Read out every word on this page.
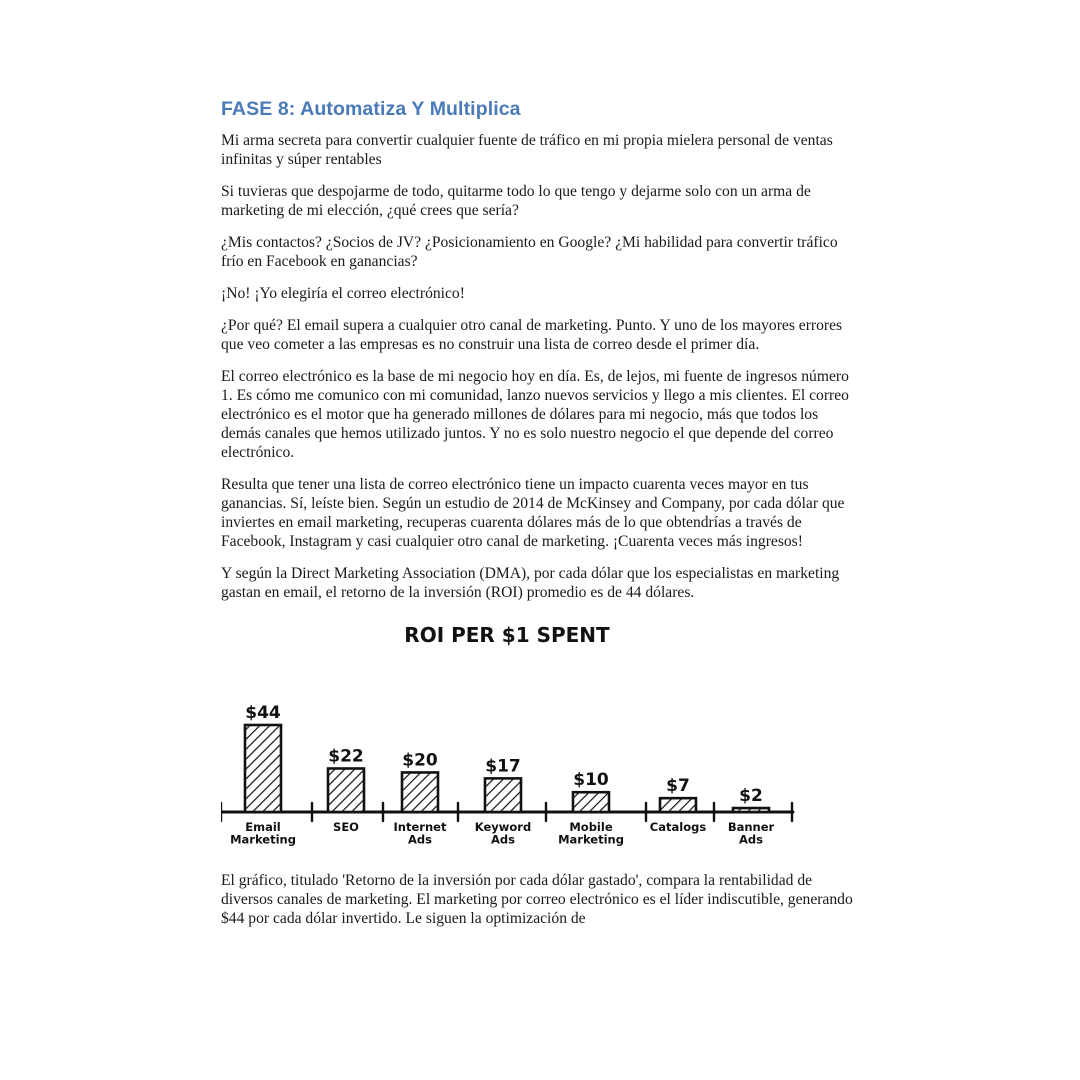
FASE 8: Automatiza Y Multiplica

Mi arma secreta para convertir cualquier fuente de tráfico en mi propia mielera personal de ventas infinitas y súper rentables

Si tuvieras que despojarme de todo, quitarme todo lo que tengo y dejarme solo con un arma de marketing de mi elección, ¿qué crees que sería?

¿Mis contactos? ¿Socios de JV? ¿Posicionamiento en Google? ¿Mi habilidad para convertir tráfico frío en Facebook en ganancias?

¡No! ¡Yo elegiría el correo electrónico!

¿Por qué? El email supera a cualquier otro canal de marketing. Punto. Y uno de los mayores errores que veo cometer a las empresas es no construir una lista de correo desde el primer día.

El correo electrónico es la base de mi negocio hoy en día. Es, de lejos, mi fuente de ingresos número 1. Es cómo me comunico con mi comunidad, lanzo nuevos servicios y llego a mis clientes. El correo electrónico es el motor que ha generado millones de dólares para mi negocio, más que todos los demás canales que hemos utilizado juntos. Y no es solo nuestro negocio el que depende del correo electrónico.

Resulta que tener una lista de correo electrónico tiene un impacto cuarenta veces mayor en tus ganancias. Sí, leíste bien. Según un estudio de 2014 de McKinsey and Company, por cada dólar que inviertes en email marketing, recuperas cuarenta dólares más de lo que obtendrías a través de Facebook, Instagram y casi cualquier otro canal de marketing. ¡Cuarenta veces más ingresos!

Y según la Direct Marketing Association (DMA), por cada dólar que los especialistas en marketing gastan en email, el retorno de la inversión (ROI) promedio es de 44 dólares.

ROI PER $1 SPENT
$44
Email
Marketing
$22
SEO
$20
Internet
Ads
$17
Keyword
Ads
$10
Mobile
Marketing
$7
Catalogs
$2
Banner
Ads

El gráfico, titulado 'Retorno de la inversión por cada dólar gastado', compara la rentabilidad de diversos canales de marketing. El marketing por correo electrónico es el líder indiscutible, generando $44 por cada dólar invertido. Le siguen la optimización de
